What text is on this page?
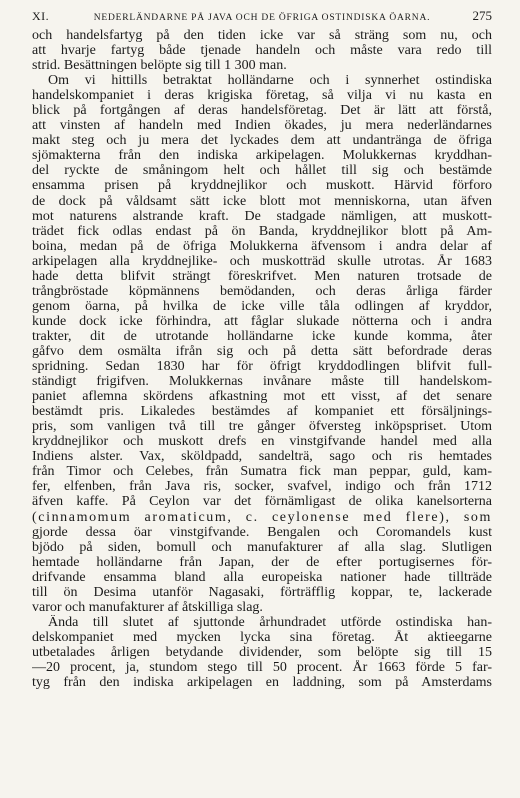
XI.	NEDERLÄNDARNE PÅ JAVA OCH DE ÖFRIGA OSTINDISKA ÖARNA.	275
och handelsfartyg på den tiden icke var så sträng som nu, och
att hvarje fartyg både tjenade handeln och måste vara redo till
strid. Besättningen belöpte sig till 1 300 man.
Om vi hittills betraktat holländarne och i synnerhet ostindiska
handelskompaniet i deras krigiska företag, så vilja vi nu kasta en
blick på fortgången af deras handelsföretag. Det är lätt att förstå,
att vinsten af handeln med Indien ökades, ju mera nederländarnes
makt steg och ju mera det lyckades dem att undantränga de öfriga
sjömakterna från den indiska arkipelagen. Molukkernas kryddhan-
del ryckte de småningom helt och hållet till sig och bestämde
ensamma prisen på kryddnejlikor och muskott. Härvid förforo
de dock på våldsamt sätt icke blott mot menniskorna, utan äfven
mot naturens alstrande kraft. De stadgade nämligen, att muskott-
trädet fick odlas endast på ön Banda, kryddnejlikor blott på Am-
boina, medan på de öfriga Molukkerna äfvensom i andra delar af
arkipelagen alla kryddnejlike- och muskotträd skulle utrotas. År 1683
hade detta blifvit strängt föreskrifvet. Men naturen trotsade de
trångbröstade köpmännens bemödanden, och deras årliga färder
genom öarna, på hvilka de icke ville tåla odlingen af kryddor,
kunde dock icke förhindra, att fåglar slukade nötterna och i andra
trakter, dit de utrotande holländarne icke kunde komma, åter
gåfvo dem osmälta ifrån sig och på detta sätt befordrade deras
spridning. Sedan 1830 har för öfrigt kryddodlingen blifvit full-
ständigt frigifven. Molukkernas invånare måste till handelskom-
paniet aflemna skördens afkastning mot ett visst, af det senare
bestämdt pris. Likaledes bestämdes af kompaniet ett försäljnings-
pris, som vanligen två till tre gånger öfversteg inköpspriset. Utom
kryddnejlikor och muskott drefs en vinstgifvande handel med alla
Indiens alster. Vax, sköldpadd, sandelträ, sago och ris hemtades
från Timor och Celebes, från Sumatra fick man peppar, guld, kam-
fer, elfenben, från Java ris, socker, svafvel, indigo och från 1712
äfven kaffe. På Ceylon var det förnämligast de olika kanelsorterna
(cinnamomum aromaticum, c. ceylonense med flere), som
gjorde dessa öar vinstgifvande. Bengalen och Coromandels kust
bjödo på siden, bomull och manufakturer af alla slag. Slutligen
hemtade holländarne från Japan, der de efter portugisernes för-
drifvande ensamma bland alla europeiska nationer hade tillträde
till ön Desima utanför Nagasaki, förträfflig koppar, te, lackerade
varor och manufakturer af åtskilliga slag.
Ända till slutet af sjuttonde århundradet utförde ostindiska han-
delskompaniet med mycken lycka sina företag. Åt aktieegarne
utbetalades årligen betydande dividender, som belöpte sig till 15
—20 procent, ja, stundom stego till 50 procent. År 1663 förde 5 far-
tyg från den indiska arkipelagen en laddning, som på Amsterdams
